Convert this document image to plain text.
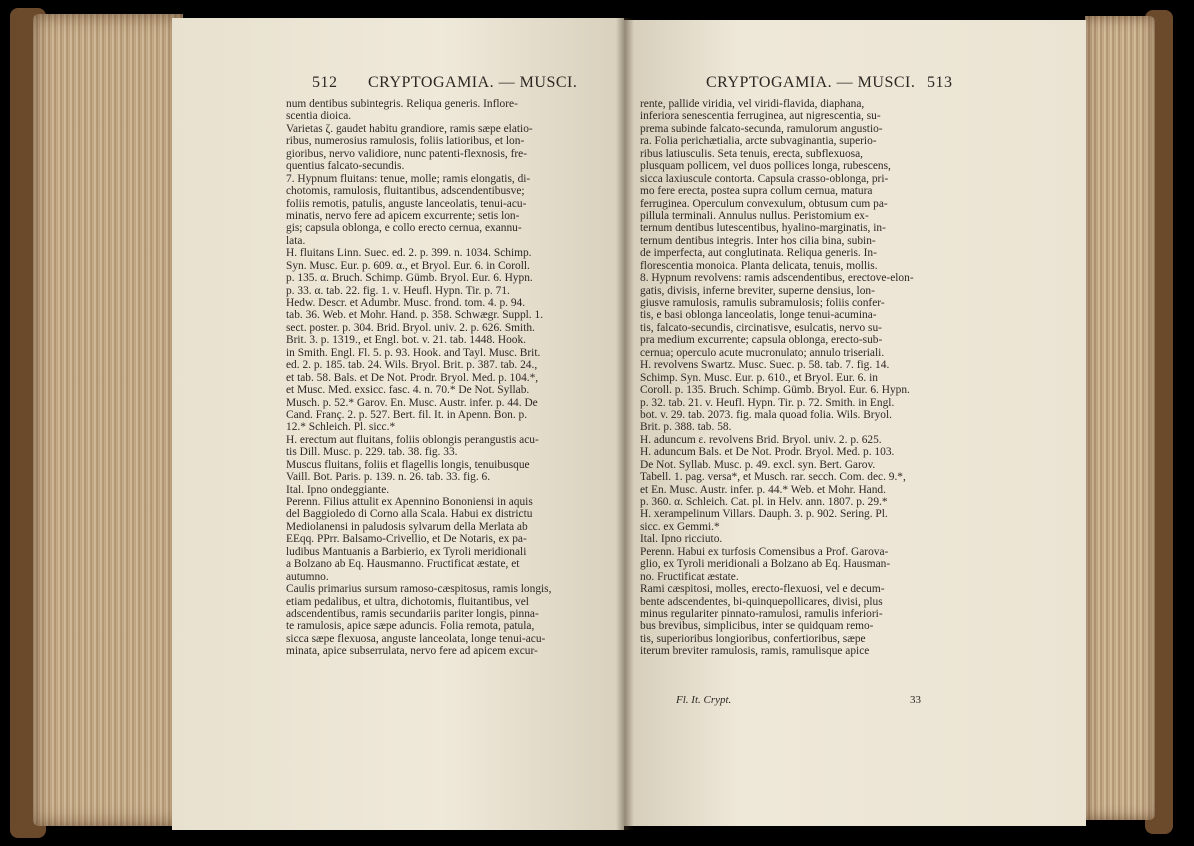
512 CRYPTOGAMIA. — MUSCI.	CRYPTOGAMIA. — MUSCI. 513
num dentibus subintegris. Reliqua generis. Inflore-
scentia dioica.
Varietas ζ. gaudet habitu grandiore, ramis sæpe elatio-
ribus, numerosius ramulosis, foliis latioribus, et lon-
gioribus, nervo validiore, nunc patenti-flexnosis, fre-
quentius falcato-secundis.
7. Hypnum fluitans: tenue, molle; ramis elongatis, di-
chotomis, ramulosis, fluitantibus, adscendentibusve;
foliis remotis, patulis, anguste lanceolatis, tenui-acu-
minatis, nervo fere ad apicem excurrente; setis lon-
gis; capsula oblonga, e collo erecto cernua, exannu-
lata.
H. fluitans Linn. Suec. ed. 2. p. 399. n. 1034. Schimp.
Syn. Musc. Eur. p. 609. α., et Bryol. Eur. 6. in Coroll.
p. 135. α. Bruch. Schimp. Gümb. Bryol. Eur. 6. Hypn.
p. 33. α. tab. 22. fig. 1. v. Heufl. Hypn. Tir. p. 71.
Hedw. Descr. et Adumbr. Musc. frond. tom. 4. p. 94.
tab. 36. Web. et Mohr. Hand. p. 358. Schwægr. Suppl. 1.
sect. poster. p. 304. Brid. Bryol. univ. 2. p. 626. Smith.
Brit. 3. p. 1319., et Engl. bot. v. 21. tab. 1448. Hook.
in Smith. Engl. Fl. 5. p. 93. Hook. and Tayl. Musc. Brit.
ed. 2. p. 185. tab. 24. Wils. Bryol. Brit. p. 387. tab. 24.,
et tab. 58. Bals. et De Not. Prodr. Bryol. Med. p. 104.*,
et Musc. Med. exsicc. fasc. 4. n. 70.* De Not. Syllab.
Musch. p. 52.* Garov. En. Musc. Austr. infer. p. 44. De
Cand. Franç. 2. p. 527. Bert. fil. It. in Apenn. Bon. p.
12.* Schleich. Pl. sicc.*
H. erectum aut fluitans, foliis oblongis perangustis acu-
tis Dill. Musc. p. 229. tab. 38. fig. 33.
Muscus fluitans, foliis et flagellis longis, tenuibusque
Vaill. Bot. Paris. p. 139. n. 26. tab. 33. fig. 6.
Ital. Ipno ondeggiante.
Perenn. Filius attulit ex Apennino Bononiensi in aquis
del Baggioledo di Corno alla Scala. Habui ex districtu
Mediolanensi in paludosis sylvarum della Merlata ab
EEqq. PPrr. Balsamo-Crivellio, et De Notaris, ex pa-
ludibus Mantuanis a Barbierio, ex Tyroli meridionali
a Bolzano ab Eq. Hausmanno. Fructificat æstate, et
autumno.
Caulis primarius sursum ramoso-cæspitosus, ramis longis,
etiam pedalibus, et ultra, dichotomis, fluitantibus, vel
adscendentibus, ramis secundariis pariter longis, pinna-
te ramulosis, apice sæpe aduncis. Folia remota, patula,
sicca sæpe flexuosa, anguste lanceolata, longe tenui-acu-
minata, apice subserrulata, nervo fere ad apicem excur-
rente, pallide viridia, vel viridi-flavida, diaphana,
inferiora senescentia ferruginea, aut nigrescentia, su-
prema subinde falcato-secunda, ramulorum angustio-
ra. Folia perichætialia, arcte subvaginantia, superio-
ribus latiusculis. Seta tenuis, erecta, subflexuosa,
plusquam pollicem, vel duos pollices longa, rubescens,
sicca laxiuscule contorta. Capsula crasso-oblonga, pri-
mo fere erecta, postea supra collum cernua, matura
ferruginea. Operculum convexulum, obtusum cum pa-
pillula terminali. Annulus nullus. Peristomium ex-
ternum dentibus lutescentibus, hyalino-marginatis, in-
ternum dentibus integris. Inter hos cilia bina, subin-
de imperfecta, aut conglutinata. Reliqua generis. In-
florescentia monoica. Planta delicata, tenuis, mollis.
8. Hypnum revolvens: ramis adscendentibus, erectove-elon-
gatis, divisis, inferne breviter, superne densius, lon-
giusve ramulosis, ramulis subramulosis; foliis confer-
tis, e basi oblonga lanceolatis, longe tenui-acumina-
tis, falcato-secundis, circinatisve, esulcatis, nervo su-
pra medium excurrente; capsula oblonga, erecto-sub-
cernua; operculo acute mucronulato; annulo triseriali.
H. revolvens Swartz. Musc. Suec. p. 58. tab. 7. fig. 14.
Schimp. Syn. Musc. Eur. p. 610., et Bryol. Eur. 6. in
Coroll. p. 135. Bruch. Schimp. Gümb. Bryol. Eur. 6. Hypn.
p. 32. tab. 21. v. Heufl. Hypn. Tir. p. 72. Smith. in Engl.
bot. v. 29. tab. 2073. fig. mala quoad folia. Wils. Bryol.
Brit. p. 388. tab. 58.
H. aduncum ε. revolvens Brid. Bryol. univ. 2. p. 625.
H. aduncum Bals. et De Not. Prodr. Bryol. Med. p. 103.
De Not. Syllab. Musc. p. 49. excl. syn. Bert. Garov.
Tabell. 1. pag. versa*, et Musch. rar. secch. Com. dec. 9.*,
et En. Musc. Austr. infer. p. 44.* Web. et Mohr. Hand.
p. 360. α. Schleich. Cat. pl. in Helv. ann. 1807. p. 29.*
H. xerampelinum Villars. Dauph. 3. p. 902. Sering. Pl.
sicc. ex Gemmi.*
Ital. Ipno ricciuto.
Perenn. Habui ex turfosis Comensibus a Prof. Garova-
glio, ex Tyroli meridionali a Bolzano ab Eq. Hausman-
no. Fructificat æstate.
Rami cæspitosi, molles, erecto-flexuosi, vel e decum-
bente adscendentes, bi-quinquepollicares, divisi, plus
minus regulariter pinnato-ramulosi, ramulis inferiori-
bus brevibus, simplicibus, inter se quidquam remo-
tis, superioribus longioribus, confertioribus, sæpe
iterum breviter ramulosis, ramis, ramulisque apice
Fl. It. Crypt.	33
